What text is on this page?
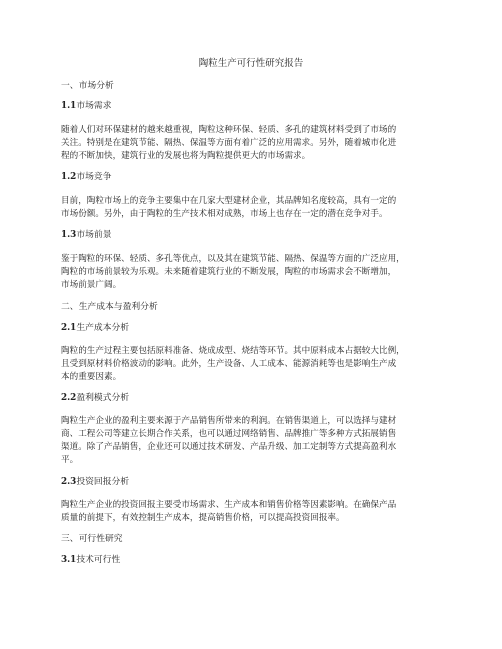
陶粒生产可行性研究报告
一、市场分析
1.1市场需求
随着人们对环保建材的越来越重视，陶粒这种环保、轻质、多孔的建筑材料受到了市场的
关注。特别是在建筑节能、隔热、保温等方面有着广泛的应用需求。另外，随着城市化进
程的不断加快，建筑行业的发展也将为陶粒提供更大的市场需求。
1.2市场竞争
目前，陶粒市场上的竞争主要集中在几家大型建材企业，其品牌知名度较高，具有一定的
市场份额。另外，由于陶粒的生产技术相对成熟，市场上也存在一定的潜在竞争对手。
1.3市场前景
鉴于陶粒的环保、轻质、多孔等优点，以及其在建筑节能、隔热、保温等方面的广泛应用，
陶粒的市场前景较为乐观。未来随着建筑行业的不断发展，陶粒的市场需求会不断增加，
市场前景广阔。
二、生产成本与盈利分析
2.1生产成本分析
陶粒的生产过程主要包括原料准备、烧成成型、烧结等环节。其中原料成本占据较大比例，
且受到原材料价格波动的影响。此外，生产设备、人工成本、能源消耗等也是影响生产成
本的重要因素。
2.2盈利模式分析
陶粒生产企业的盈利主要来源于产品销售所带来的利润。在销售渠道上，可以选择与建材
商、工程公司等建立长期合作关系，也可以通过网络销售、品牌推广等多种方式拓展销售
渠道。除了产品销售，企业还可以通过技术研发、产品升级、加工定制等方式提高盈利水
平。
2.3投资回报分析
陶粒生产企业的投资回报主要受市场需求、生产成本和销售价格等因素影响。在确保产品
质量的前提下，有效控制生产成本，提高销售价格，可以提高投资回报率。
三、可行性研究
3.1技术可行性
